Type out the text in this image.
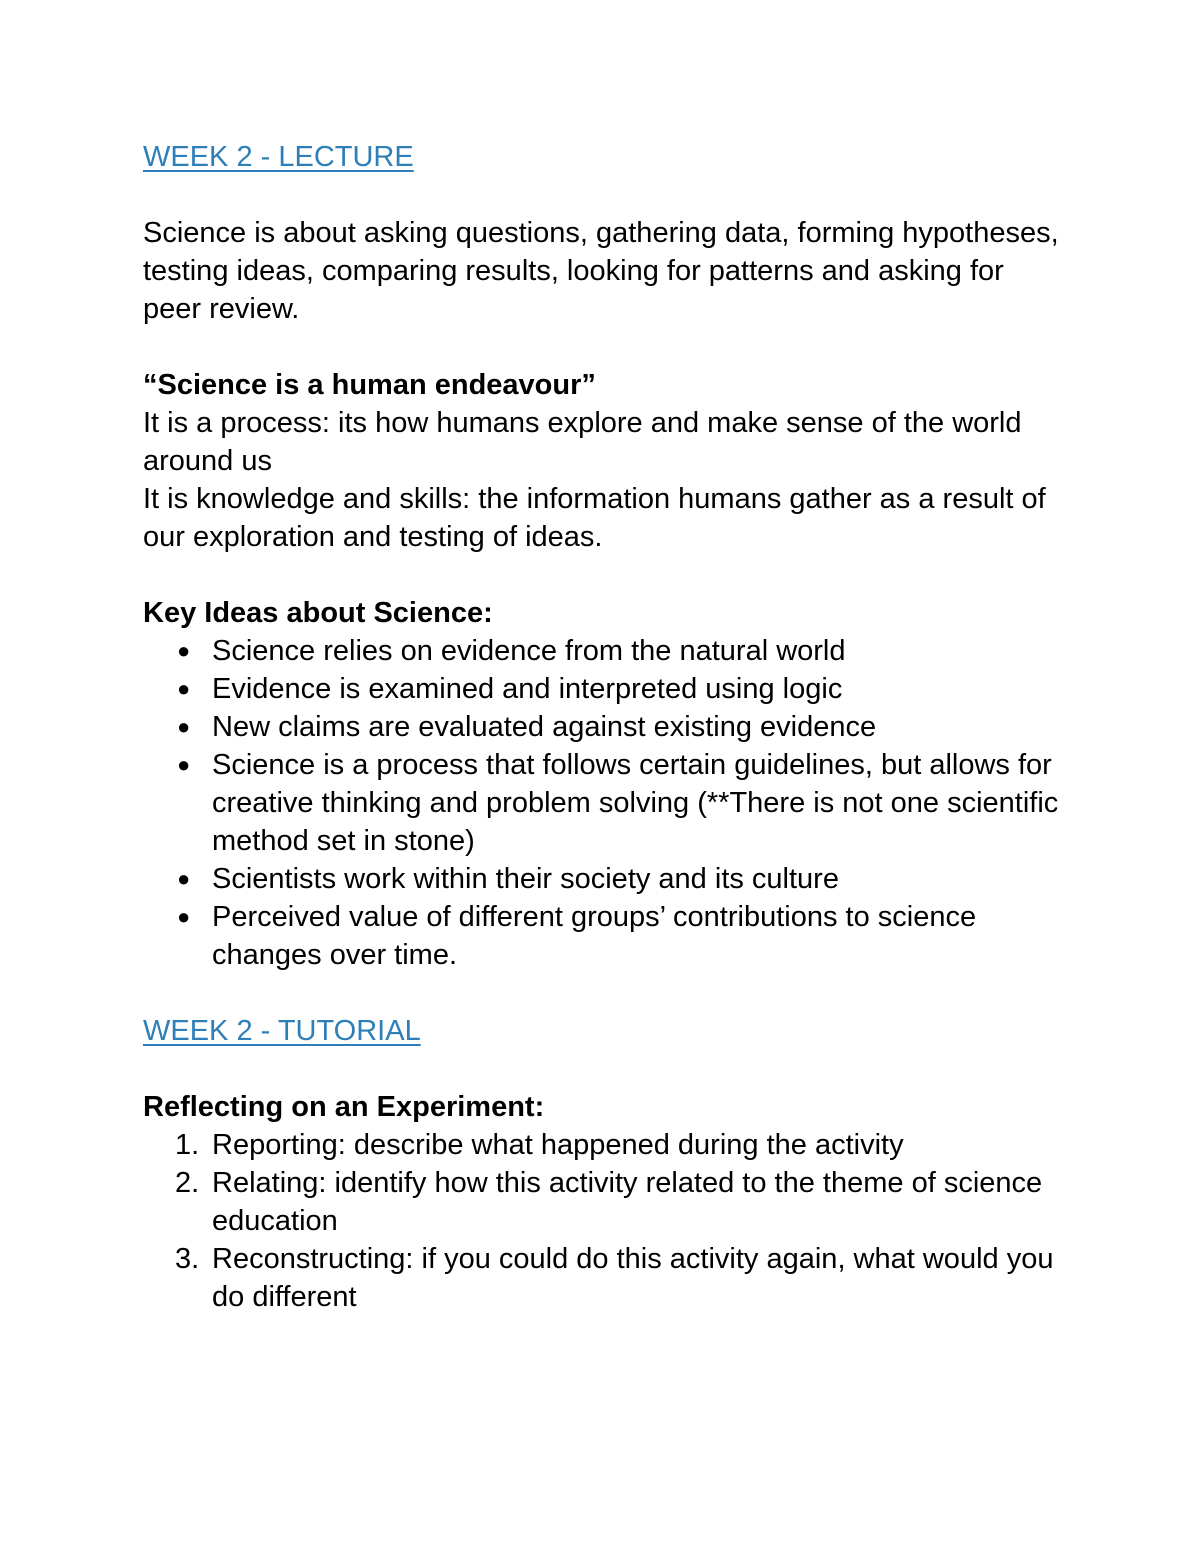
WEEK 2 - LECTURE

Science is about asking questions, gathering data, forming hypotheses, testing ideas, comparing results, looking for patterns and asking for peer review.

“Science is a human endeavour”

It is a process: its how humans explore and make sense of the world around us

It is knowledge and skills: the information humans gather as a result of our exploration and testing of ideas.

Key Ideas about Science:

● Science relies on evidence from the natural world
● Evidence is examined and interpreted using logic
● New claims are evaluated against existing evidence
● Science is a process that follows certain guidelines, but allows for creative thinking and problem solving (**There is not one scientific method set in stone)
● Scientists work within their society and its culture
● Perceived value of different groups’ contributions to science changes over time.
WEEK 2 - TUTORIAL

Reflecting on an Experiment:

1. Reporting: describe what happened during the activity
2. Relating: identify how this activity related to the theme of science education
3. Reconstructing: if you could do this activity again, what would you do different
